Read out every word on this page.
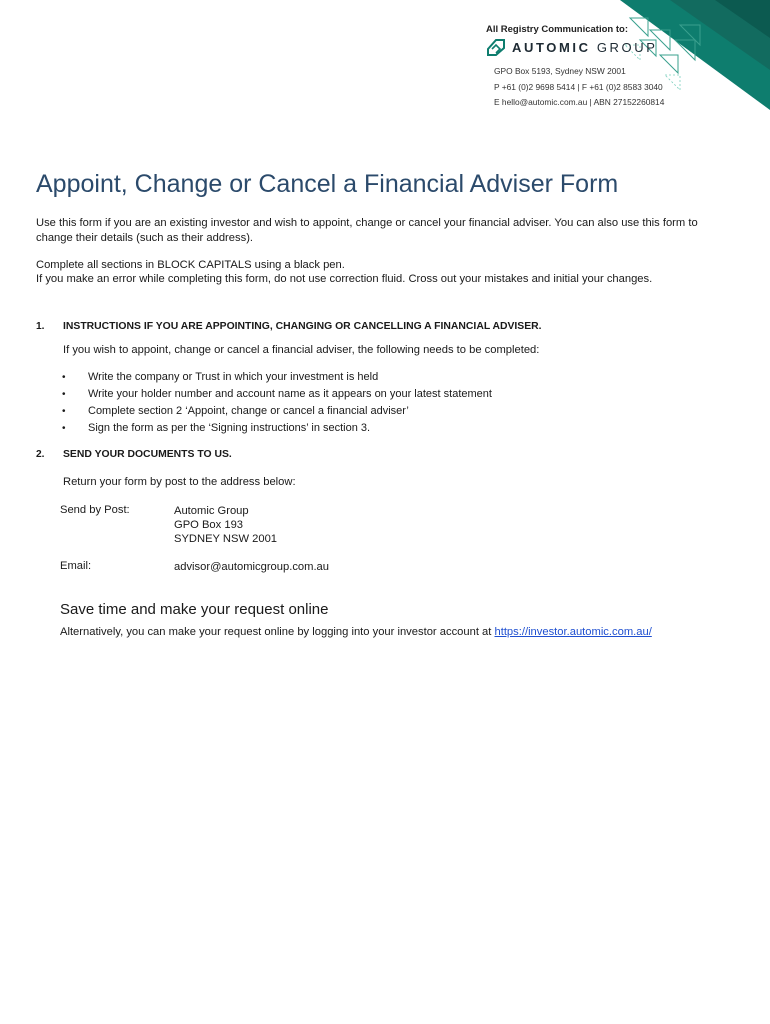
All Registry Communication to:
AUTOMIC GROUP
GPO Box 5193, Sydney NSW 2001
P +61 (0)2 9698 5414 | F +61 (0)2 8583 3040
E hello@automic.com.au | ABN 27152260814
Appoint, Change or Cancel a Financial Adviser Form
Use this form if you are an existing investor and wish to appoint, change or cancel your financial adviser. You can also use this form to change their details (such as their address).
Complete all sections in BLOCK CAPITALS using a black pen.
If you make an error while completing this form, do not use correction fluid. Cross out your mistakes and initial your changes.
1. INSTRUCTIONS IF YOU ARE APPOINTING, CHANGING OR CANCELLING A FINANCIAL ADVISER.
If you wish to appoint, change or cancel a financial adviser, the following needs to be completed:
• Write the company or Trust in which your investment is held
• Write your holder number and account name as it appears on your latest statement
• Complete section 2 ‘Appoint, change or cancel a financial adviser’
• Sign the form as per the ‘Signing instructions’ in section 3.
2. SEND YOUR DOCUMENTS TO US.
Return your form by post to the address below:
Send by Post:	Automic Group
GPO Box 193
SYDNEY NSW 2001
Email:	advisor@automicgroup.com.au
Save time and make your request online
Alternatively, you can make your request online by logging into your investor account at https://investor.automic.com.au/
